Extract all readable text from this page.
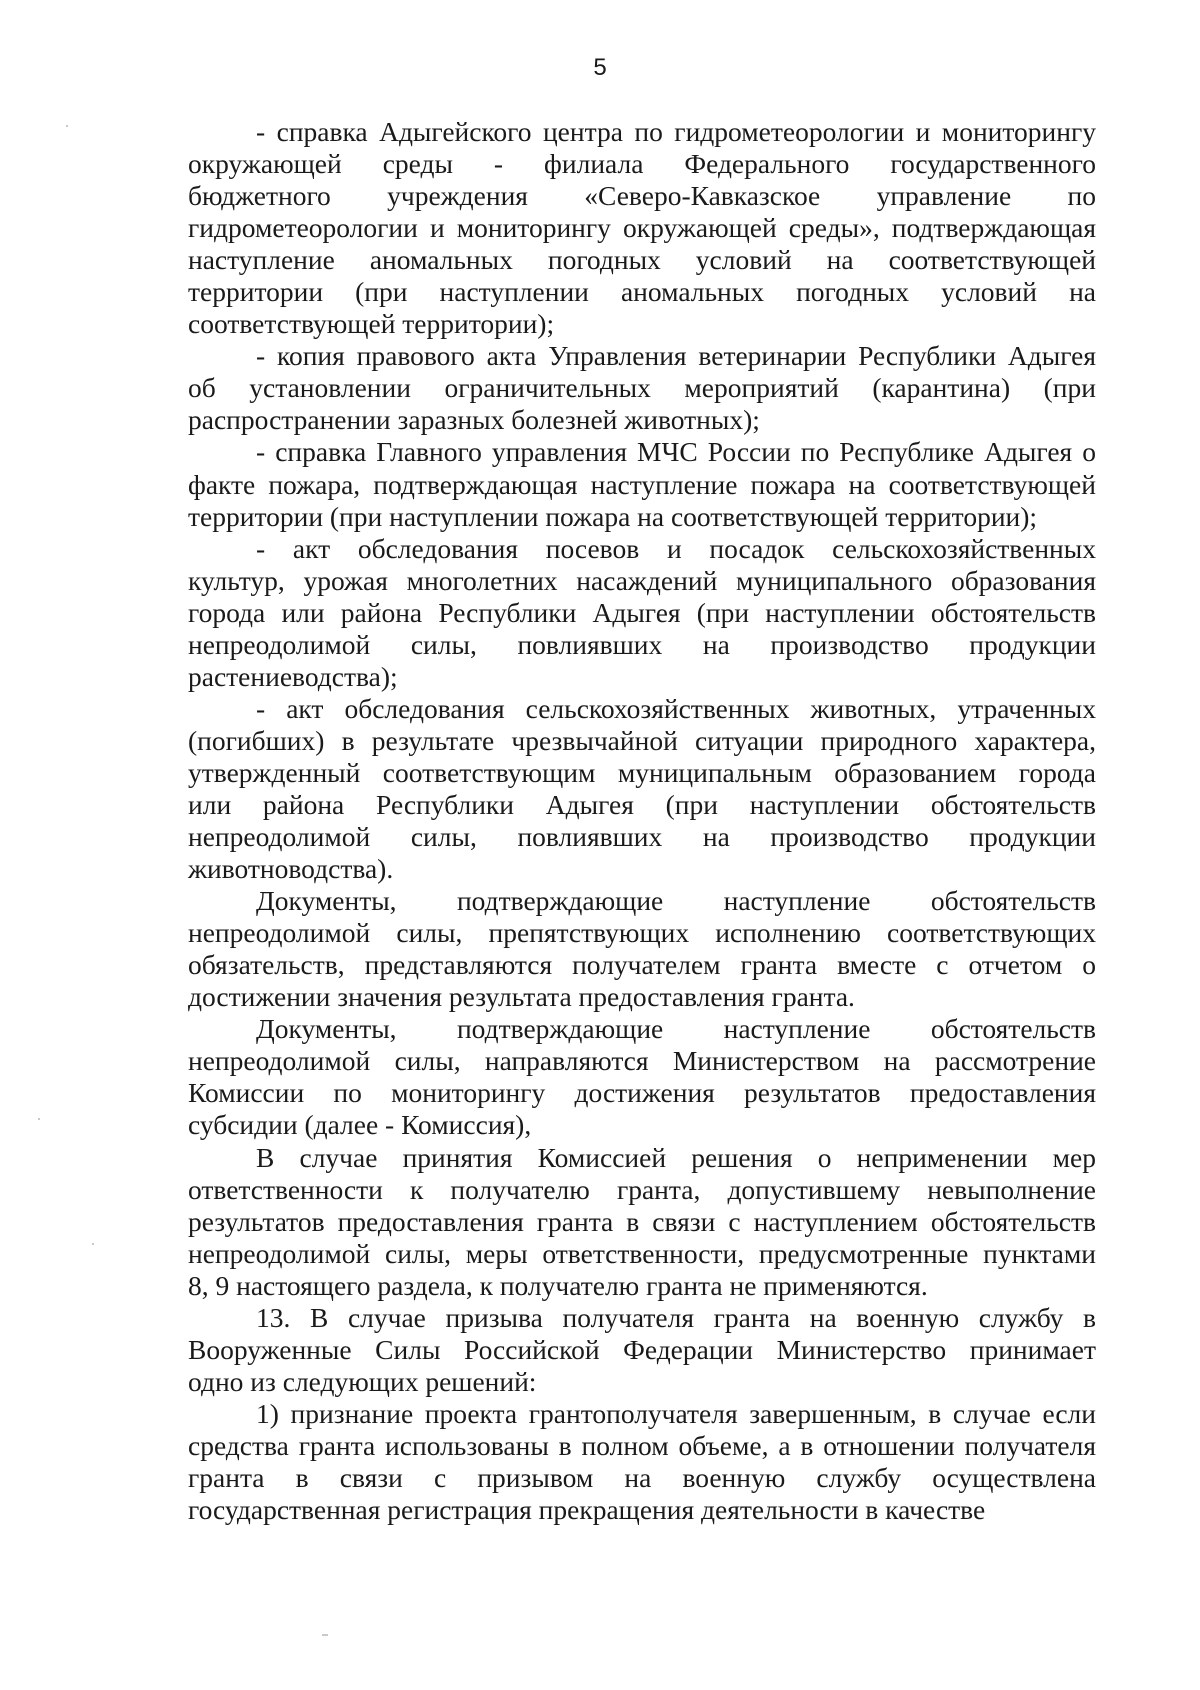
5
- справка Адыгейского центра по гидрометеорологии и мониторингу
окружающей среды - филиала Федерального государственного
бюджетного учреждения «Северо-Кавказское управление по
гидрометеорологии и мониторингу окружающей среды», подтверждающая
наступление аномальных погодных условий на соответствующей
территории (при наступлении аномальных погодных условий на
соответствующей территории);
- копия правового акта Управления ветеринарии Республики Адыгея
об установлении ограничительных мероприятий (карантина) (при
распространении заразных болезней животных);
- справка Главного управления МЧС России по Республике Адыгея о
факте пожара, подтверждающая наступление пожара на соответствующей
территории (при наступлении пожара на соответствующей территории);
- акт обследования посевов и посадок сельскохозяйственных
культур, урожая многолетних насаждений муниципального образования
города или района Республики Адыгея (при наступлении обстоятельств
непреодолимой силы, повлиявших на производство продукции
растениеводства);
- акт обследования сельскохозяйственных животных, утраченных
(погибших) в результате чрезвычайной ситуации природного характера,
утвержденный соответствующим муниципальным образованием города
или района Республики Адыгея (при наступлении обстоятельств
непреодолимой силы, повлиявших на производство продукции
животноводства).
Документы, подтверждающие наступление обстоятельств
непреодолимой силы, препятствующих исполнению соответствующих
обязательств, представляются получателем гранта вместе с отчетом о
достижении значения результата предоставления гранта.
Документы, подтверждающие наступление обстоятельств
непреодолимой силы, направляются Министерством на рассмотрение
Комиссии по мониторингу достижения результатов предоставления
субсидии (далее - Комиссия),
В случае принятия Комиссией решения о неприменении мер
ответственности к получателю гранта, допустившему невыполнение
результатов предоставления гранта в связи с наступлением обстоятельств
непреодолимой силы, меры ответственности, предусмотренные пунктами
8, 9 настоящего раздела, к получателю гранта не применяются.
13. В случае призыва получателя гранта на военную службу в
Вооруженные Силы Российской Федерации Министерство принимает
одно из следующих решений:
1) признание проекта грантополучателя завершенным, в случае если
средства гранта использованы в полном объеме, а в отношении получателя
гранта в связи с призывом на военную службу осуществлена
государственная регистрация прекращения деятельности в качестве
